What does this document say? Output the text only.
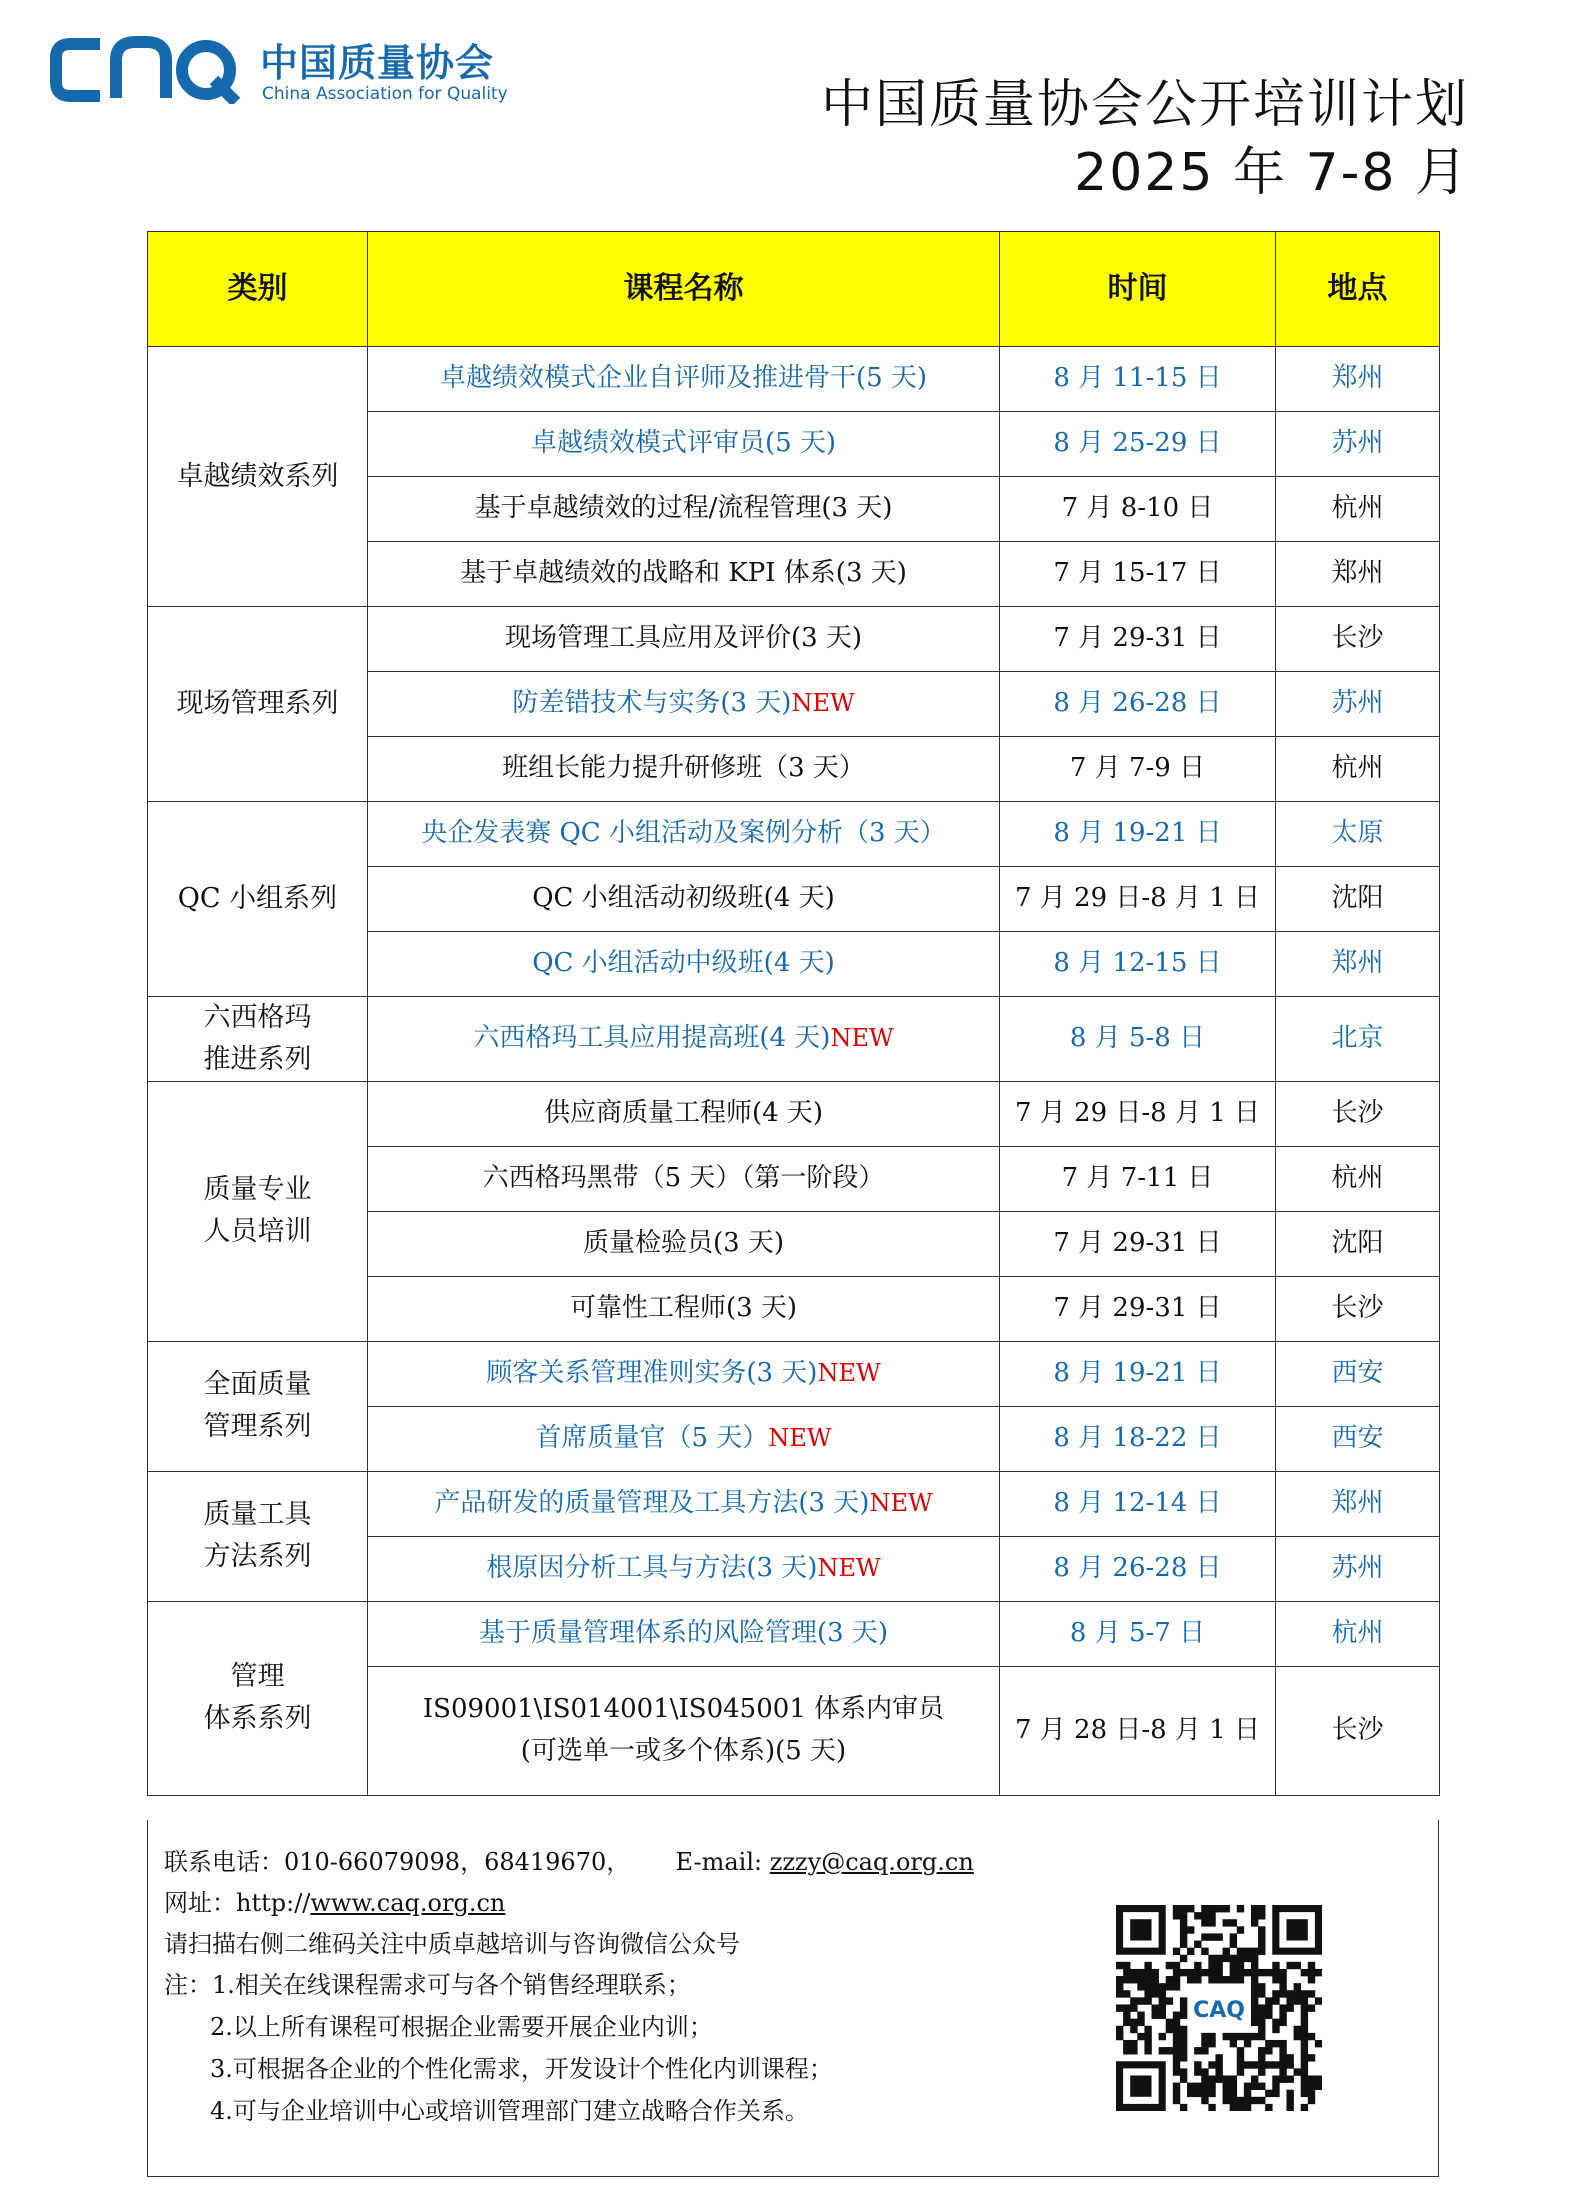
中国质量协会
China Association for Quality	中国质量协会公开培训计划
2025 年 7-8 月
类别	课程名称	时间	地点
卓越绩效系列	卓越绩效模式企业自评师及推进骨干(5 天)	8 月 11-15 日	郑州
	卓越绩效模式评审员(5 天)	8 月 25-29 日	苏州
	基于卓越绩效的过程/流程管理(3 天)	7 月 8-10 日	杭州
	基于卓越绩效的战略和 KPI 体系(3 天)	7 月 15-17 日	郑州
现场管理系列	现场管理工具应用及评价(3 天)	7 月 29-31 日	长沙
	防差错技术与实务(3 天)NEW	8 月 26-28 日	苏州
	班组长能力提升研修班（3 天）	7 月 7-9 日	杭州
QC 小组系列	央企发表赛 QC 小组活动及案例分析（3 天）	8 月 19-21 日	太原
	QC 小组活动初级班(4 天)	7 月 29 日-8 月 1 日	沈阳
	QC 小组活动中级班(4 天)	8 月 12-15 日	郑州
六西格玛
推进系列	六西格玛工具应用提高班(4 天)NEW	8 月 5-8 日	北京
质量专业
人员培训	供应商质量工程师(4 天)	7 月 29 日-8 月 1 日	长沙
	六西格玛黑带（5 天）（第一阶段）	7 月 7-11 日	杭州
	质量检验员(3 天)	7 月 29-31 日	沈阳
	可靠性工程师(3 天)	7 月 29-31 日	长沙
全面质量
管理系列	顾客关系管理准则实务(3 天)NEW	8 月 19-21 日	西安
	首席质量官（5 天）NEW	8 月 18-22 日	西安
质量工具
方法系列	产品研发的质量管理及工具方法(3 天)NEW	8 月 12-14 日	郑州
	根原因分析工具与方法(3 天)NEW	8 月 26-28 日	苏州
管理
体系系列	基于质量管理体系的风险管理(3 天)	8 月 5-7 日	杭州
	IS09001\IS014001\IS045001 体系内审员
(可选单一或多个体系)(5 天)	7 月 28 日-8 月 1 日	长沙
联系电话：010-66079098，68419670， E-mail: zzzy@caq.org.cn
网址：http://www.caq.org.cn
请扫描右侧二维码关注中质卓越培训与咨询微信公众号
注：1.相关在线课程需求可与各个销售经理联系；
2.以上所有课程可根据企业需要开展企业内训；
3.可根据各企业的个性化需求，开发设计个性化内训课程；
4.可与企业培训中心或培训管理部门建立战略合作关系。
CAQ
